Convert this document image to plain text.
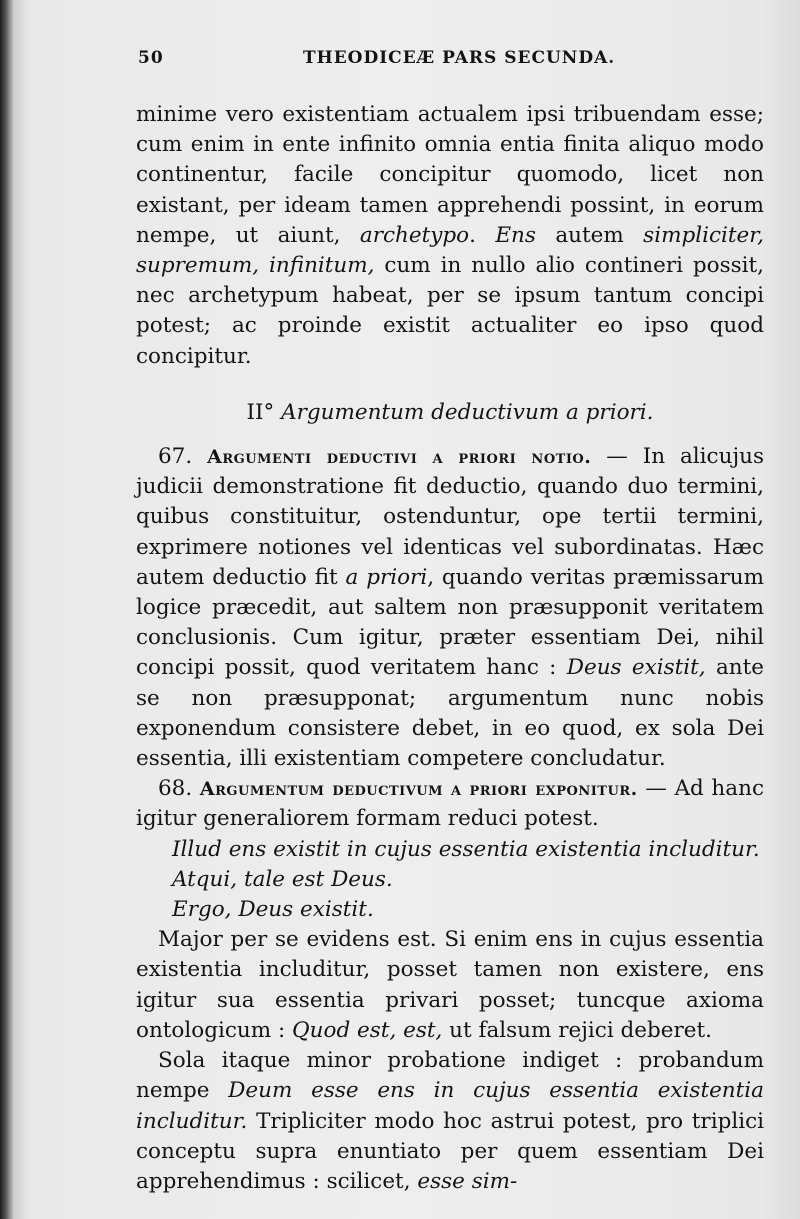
50	THEODICEÆ PARS SECUNDA.

minime vero existentiam actualem ipsi tribuendam esse; cum enim in ente infinito omnia entia finita aliquo modo continentur, facile concipitur quomodo, licet non existant, per ideam tamen apprehendi possint, in eorum nempe, ut aiunt, archetypo. Ens autem simpliciter, supremum, infinitum, cum in nullo alio contineri possit, nec archetypum habeat, per se ipsum tantum concipi potest; ac proinde existit actualiter eo ipso quod concipitur.

II° Argumentum deductivum a priori.

67. Argumenti deductivi a priori notio. — In alicujus judicii demonstratione fit deductio, quando duo termini, quibus constituitur, ostenduntur, ope tertii termini, exprimere notiones vel identicas vel subordinatas. Hæc autem deductio fit a priori, quando veritas præmissarum logice præcedit, aut saltem non præsupponit veritatem conclusionis. Cum igitur, præter essentiam Dei, nihil concipi possit, quod veritatem hanc : Deus existit, ante se non præsupponat; argumentum nunc nobis exponendum consistere debet, in eo quod, ex sola Dei essentia, illi existentiam competere concludatur.

68. Argumentum deductivum a priori exponitur. — Ad hanc igitur generaliorem formam reduci potest.

Illud ens existit in cujus essentia existentia includitur.

Atqui, tale est Deus.

Ergo, Deus existit.

Major per se evidens est. Si enim ens in cujus essentia existentia includitur, posset tamen non existere, ens igitur sua essentia privari posset; tuncque axioma ontologicum : Quod est, est, ut falsum rejici deberet.

Sola itaque minor probatione indiget : probandum nempe Deum esse ens in cujus essentia existentia includitur. Tripliciter modo hoc astrui potest, pro triplici conceptu supra enuntiato per quem essentiam Dei apprehendimus : scilicet, esse sim-
